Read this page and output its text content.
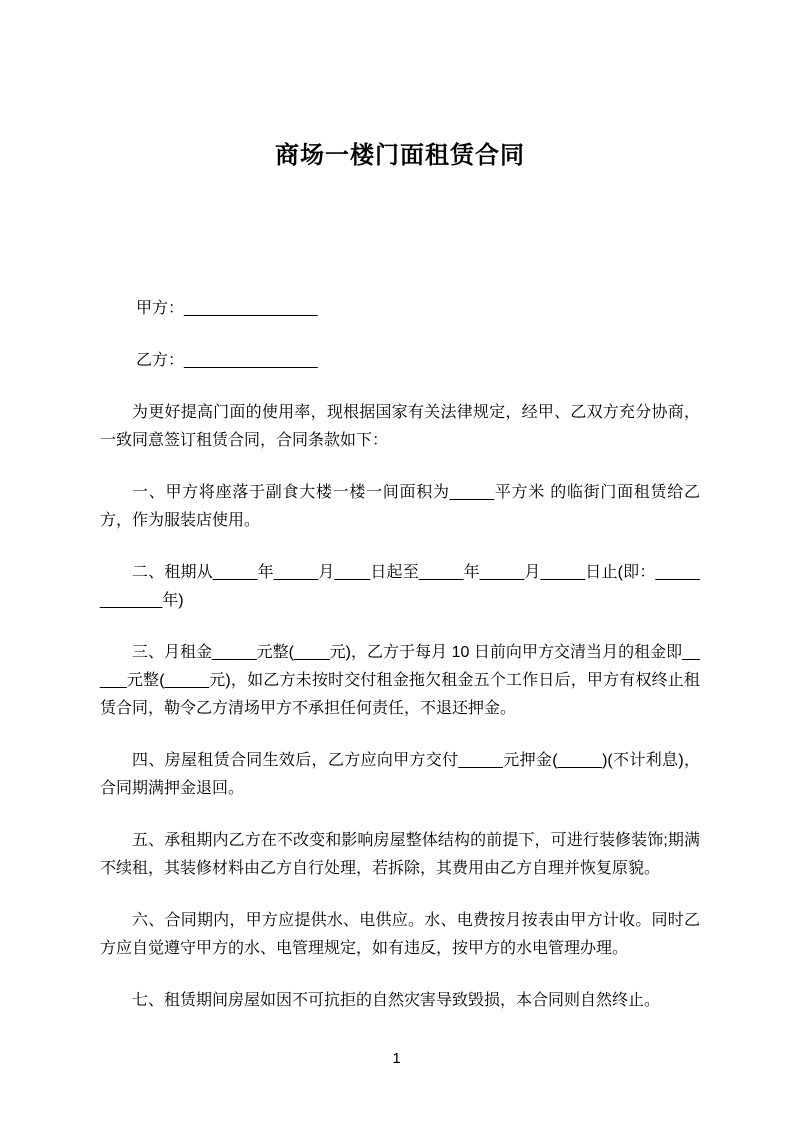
商场一楼门面租赁合同

甲方：_______________

乙方：_______________

为更好提高门面的使用率，现根据国家有关法律规定，经甲、乙双方充分协商，一致同意签订租赁合同，合同条款如下：

一、甲方将座落于副食大楼一楼一间面积为_____平方米 的临街门面租赁给乙方，作为服装店使用。

二、租期从_____年_____月____日起至_____年_____月_____日止(即：____________年)

三、月租金_____元整(____元)，乙方于每月 10 日前向甲方交清当月的租金即_____元整(_____元)，如乙方未按时交付租金拖欠租金五个工作日后，甲方有权终止租赁合同，勒令乙方清场甲方不承担任何责任，不退还押金。

四、房屋租赁合同生效后，乙方应向甲方交付_____元押金(_____)(不计利息)，合同期满押金退回。

五、承租期内乙方在不改变和影响房屋整体结构的前提下，可进行装修装饰;期满不续租，其装修材料由乙方自行处理，若拆除，其费用由乙方自理并恢复原貌。

六、合同期内，甲方应提供水、电供应。水、电费按月按表由甲方计收。同时乙方应自觉遵守甲方的水、电管理规定，如有违反，按甲方的水电管理办理。

七、租赁期间房屋如因不可抗拒的自然灾害导致毁损，本合同则自然终止。

1
